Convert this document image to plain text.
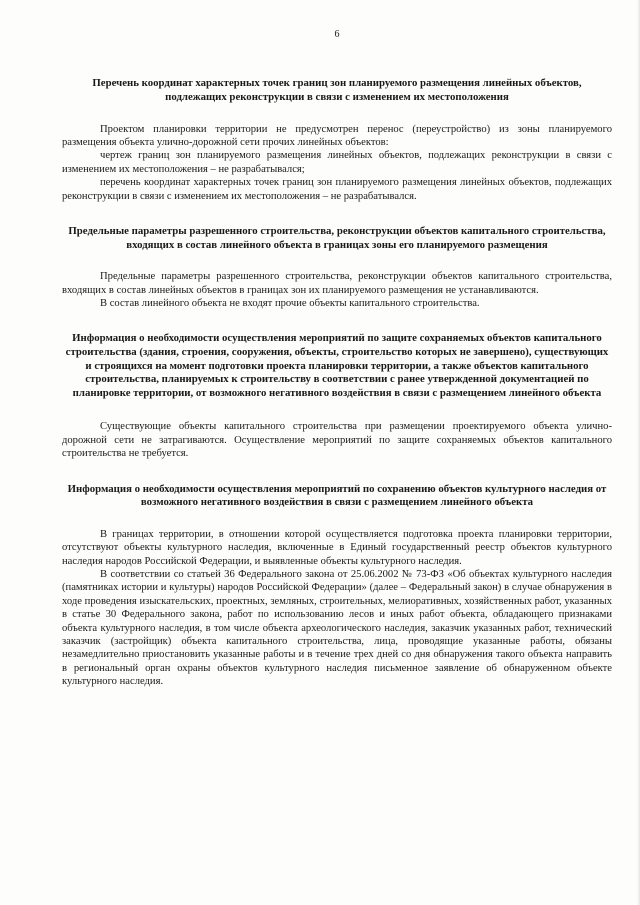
6
Перечень координат характерных точек границ зон планируемого размещения линейных объектов, подлежащих реконструкции в связи с изменением их местоположения

Проектом планировки территории не предусмотрен перенос (переустройство) из зоны планируемого размещения объекта улично-дорожной сети прочих линейных объектов:

чертеж границ зон планируемого размещения линейных объектов, подлежащих реконструкции в связи с изменением их местоположения – не разрабатывался;

перечень координат характерных точек границ зон планируемого размещения линейных объектов, подлежащих реконструкции в связи с изменением их местоположения – не разрабатывался.

Предельные параметры разрешенного строительства, реконструкции объектов капитального строительства, входящих в состав линейного объекта в границах зоны его планируемого размещения

Предельные параметры разрешенного строительства, реконструкции объектов капитального строительства, входящих в состав линейных объектов в границах зон их планируемого размещения не устанавливаются.

В состав линейного объекта не входят прочие объекты капитального строительства.

Информация о необходимости осуществления мероприятий по защите сохраняемых объектов капитального строительства (здания, строения, сооружения, объекты, строительство которых не завершено), существующих и строящихся на момент подготовки проекта планировки территории, а также объектов капитального строительства, планируемых к строительству в соответствии с ранее утвержденной документацией по планировке территории, от возможного негативного воздействия в связи с размещением линейного объекта

Существующие объекты капитального строительства при размещении проектируемого объекта улично-дорожной сети не затрагиваются. Осуществление мероприятий по защите сохраняемых объектов капитального строительства не требуется.

Информация о необходимости осуществления мероприятий по сохранению объектов культурного наследия от возможного негативного воздействия в связи с размещением линейного объекта

В границах территории, в отношении которой осуществляется подготовка проекта планировки территории, отсутствуют объекты культурного наследия, включенные в Единый государственный реестр объектов культурного наследия народов Российской Федерации, и выявленные объекты культурного наследия.

В соответствии со статьей 36 Федерального закона от 25.06.2002 № 73-ФЗ «Об объектах культурного наследия (памятниках истории и культуры) народов Российской Федерации» (далее – Федеральный закон) в случае обнаружения в ходе проведения изыскательских, проектных, земляных, строительных, мелиоративных, хозяйственных работ, указанных в статье 30 Федерального закона, работ по использованию лесов и иных работ объекта, обладающего признаками объекта культурного наследия, в том числе объекта археологического наследия, заказчик указанных работ, технический заказчик (застройщик) объекта капитального строительства, лица, проводящие указанные работы, обязаны незамедлительно приостановить указанные работы и в течение трех дней со дня обнаружения такого объекта направить в региональный орган охраны объектов культурного наследия письменное заявление об обнаруженном объекте культурного наследия.
